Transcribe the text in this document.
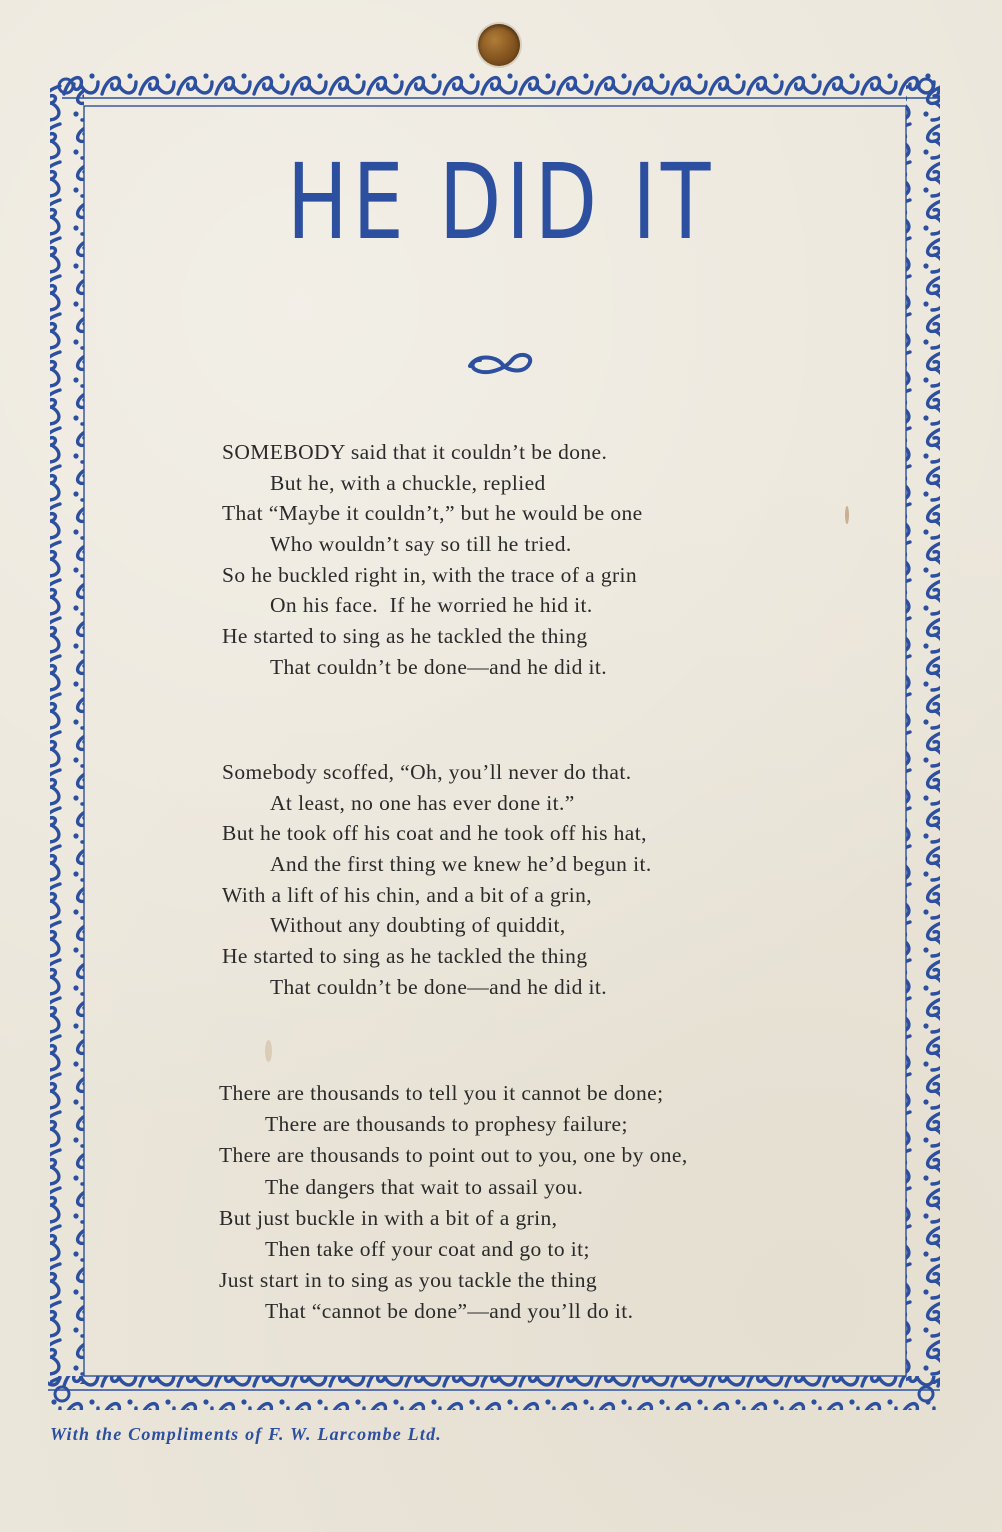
HE DID IT
SOMEBODY said that it couldn’t be done.
But he, with a chuckle, replied
That “Maybe it couldn’t,” but he would be one
Who wouldn’t say so till he tried.
So he buckled right in, with the trace of a grin
On his face.  If he worried he hid it.
He started to sing as he tackled the thing
That couldn’t be done—and he did it.
Somebody scoffed, “Oh, you’ll never do that.
At least, no one has ever done it.”
But he took off his coat and he took off his hat,
And the first thing we knew he’d begun it.
With a lift of his chin, and a bit of a grin,
Without any doubting of quiddit,
He started to sing as he tackled the thing
That couldn’t be done—and he did it.
There are thousands to tell you it cannot be done;
There are thousands to prophesy failure;
There are thousands to point out to you, one by one,
The dangers that wait to assail you.
But just buckle in with a bit of a grin,
Then take off your coat and go to it;
Just start in to sing as you tackle the thing
That “cannot be done”—and you’ll do it.
With the Compliments of F. W. Larcombe Ltd.
